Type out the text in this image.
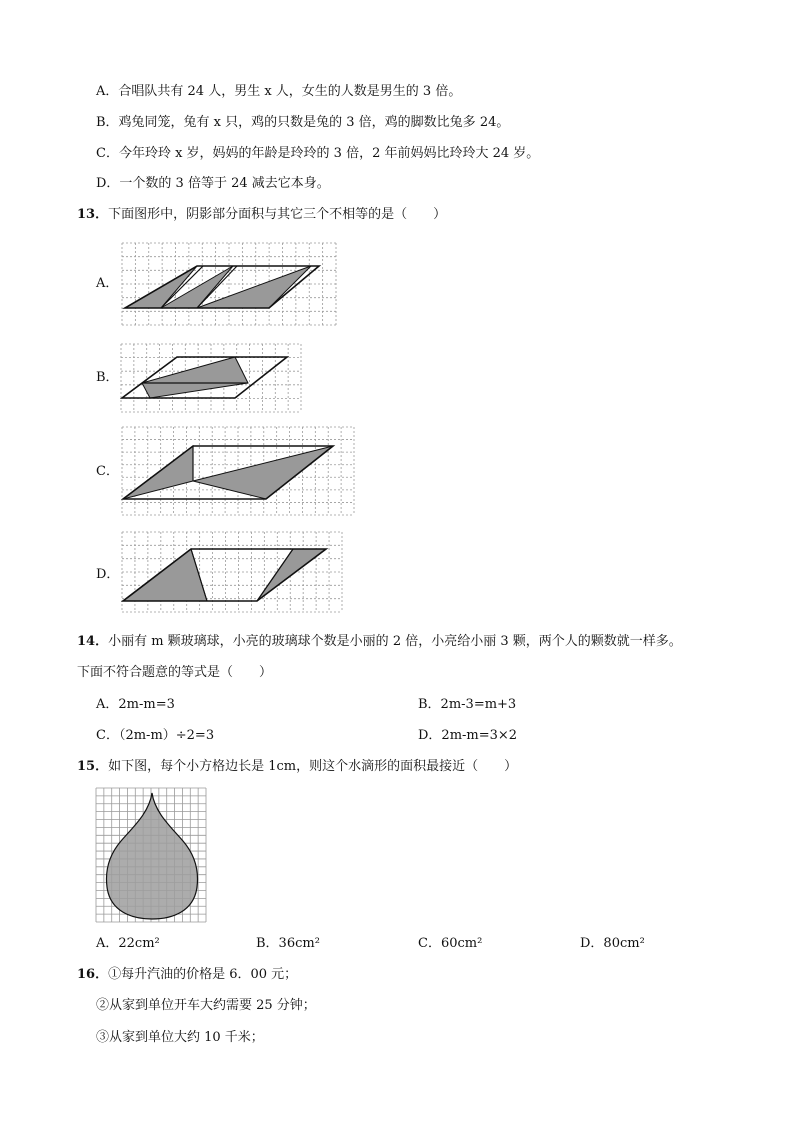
A．合唱队共有 24 人，男生 x 人，女生的人数是男生的 3 倍。
B．鸡兔同笼，兔有 x 只，鸡的只数是兔的 3 倍，鸡的脚数比兔多 24。
C．今年玲玲 x 岁，妈妈的年龄是玲玲的 3 倍，2 年前妈妈比玲玲大 24 岁。
D．一个数的 3 倍等于 24 减去它本身。
13．下面图形中，阴影部分面积与其它三个不相等的是（　　）
A．
B．
C．
D．
14．小丽有 m 颗玻璃球，小亮的玻璃球个数是小丽的 2 倍，小亮给小丽 3 颗，两个人的颗数就一样多。
下面不符合题意的等式是（　　）
A．2m-m=3	B．2m-3=m+3
C．（2m-m）÷2=3	D．2m-m=3×2
15．如下图，每个小方格边长是 1cm，则这个水滴形的面积最接近（　　）
A．22cm²	B．36cm²	C．60cm²	D．80cm²
16．①每升汽油的价格是 6．00 元；
②从家到单位开车大约需要 25 分钟；
③从家到单位大约 10 千米；
